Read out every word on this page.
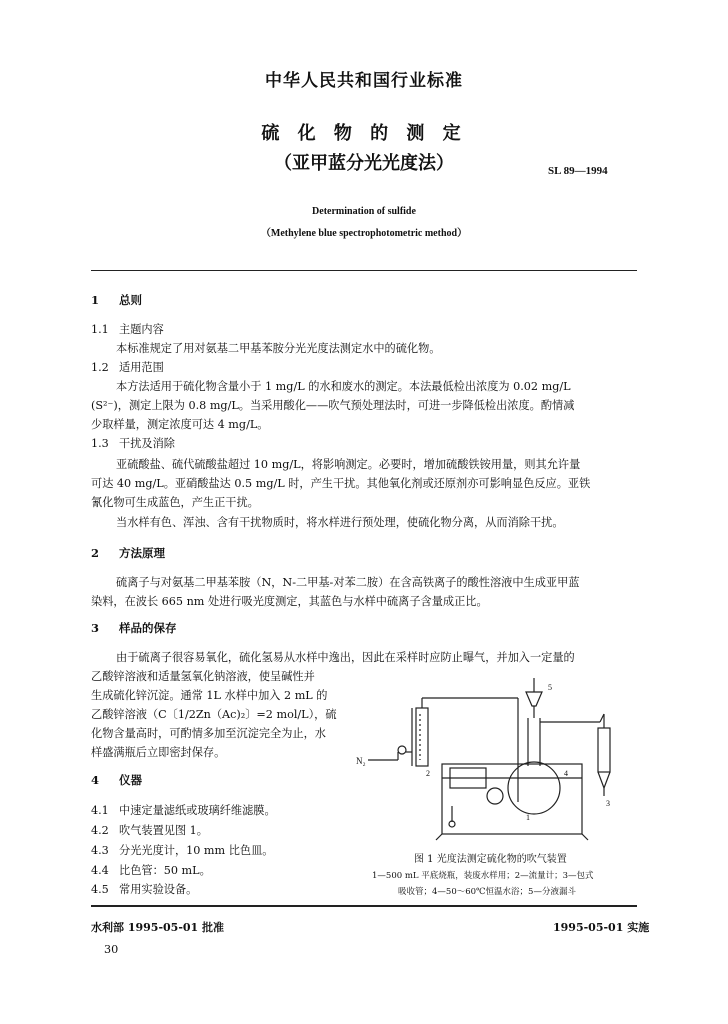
中华人民共和国行业标准
硫 化 物 的 测 定
（亚甲蓝分光光度法）	SL 89—1994
Determination of sulfide
（Methylene blue spectrophotometric method）
1 总则
1.1 主题内容
本标准规定了用对氨基二甲基苯胺分光光度法测定水中的硫化物。
1.2 适用范围
本方法适用于硫化物含量小于 1 mg/L 的水和废水的测定。本法最低检出浓度为 0.02 mg/L
(S²⁻)，测定上限为 0.8 mg/L。当采用酸化——吹气预处理法时，可进一步降低检出浓度。酌情减
少取样量，测定浓度可达 4 mg/L。
1.3 干扰及消除
亚硫酸盐、硫代硫酸盐超过 10 mg/L，将影响测定。必要时，增加硫酸铁铵用量，则其允许量
可达 40 mg/L。亚硝酸盐达 0.5 mg/L 时，产生干扰。其他氧化剂或还原剂亦可影响显色反应。亚铁
氰化物可生成蓝色，产生正干扰。
当水样有色、浑浊、含有干扰物质时，将水样进行预处理，使硫化物分离，从而消除干扰。
2 方法原理
硫离子与对氨基二甲基苯胺（N，N-二甲基-对苯二胺）在含高铁离子的酸性溶液中生成亚甲蓝
染料，在波长 665 nm 处进行吸光度测定，其蓝色与水样中硫离子含量成正比。
3 样品的保存
由于硫离子很容易氧化，硫化氢易从水样中逸出，因此在采样时应防止曝气，并加入一定量的
乙酸锌溶液和适量氢氧化钠溶液，使呈碱性并
生成硫化锌沉淀。通常 1L 水样中加入 2 mL 的
乙酸锌溶液（C〔1/2Zn（Ac)₂〕=2 mol/L），硫
化物含量高时，可酌情多加至沉淀完全为止，水
样盛满瓶后立即密封保存。
4 仪器
4.1 中速定量滤纸或玻璃纤维滤膜。
4.2 吹气装置见图 1。
4.3 分光光度计，10 mm 比色皿。
4.4 比色管：50 mL。
4.5 常用实验设备。
N₂
2
3
4
5
1
图 1 光度法测定硫化物的吹气装置
1—500 mL 平底烧瓶，装废水样用；2—流量计；3—包式
吸收管；4—50～60℃恒温水浴；5—分液漏斗
水利部 1995-05-01 批准	1995-05-01 实施
30
